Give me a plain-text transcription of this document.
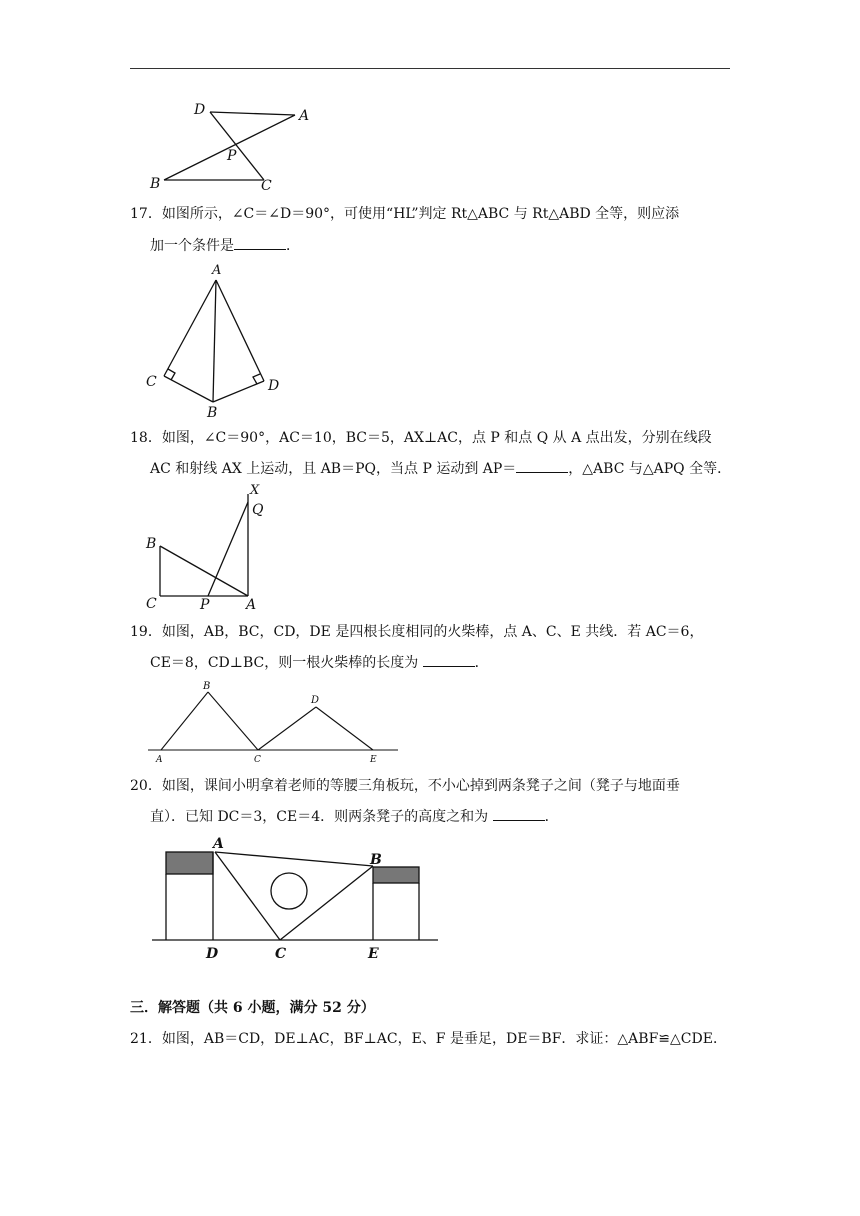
D	A
P
B	C
17．如图所示，∠C＝∠D＝90°，可使用“HL”判定 Rt△ABC 与 Rt△ABD 全等，则应添
加一个条件是	．
A
C	D
B
18．如图，∠C＝90°，AC＝10，BC＝5，AX⊥AC，点 P 和点 Q 从 A 点出发，分别在线段
AC 和射线 AX 上运动，且 AB＝PQ，当点 P 运动到 AP＝	，△ABC 与△APQ 全等．
X
Q
B
C	P	A
19．如图，AB，BC，CD，DE 是四根长度相同的火柴棒，点 A、C、E 共线．若 AC＝6，
CE＝8，CD⊥BC，则一根火柴棒的长度为	．
B
D
A	C	E
20．如图，课间小明拿着老师的等腰三角板玩，不小心掉到两条凳子之间（凳子与地面垂
直）．已知 DC＝3，CE＝4．则两条凳子的高度之和为	．
A
B
D	C	E
三．解答题（共 6 小题，满分 52 分）
21．如图，AB＝CD，DE⊥AC，BF⊥AC，E、F 是垂足，DE＝BF．求证：△ABF≌△CDE．
